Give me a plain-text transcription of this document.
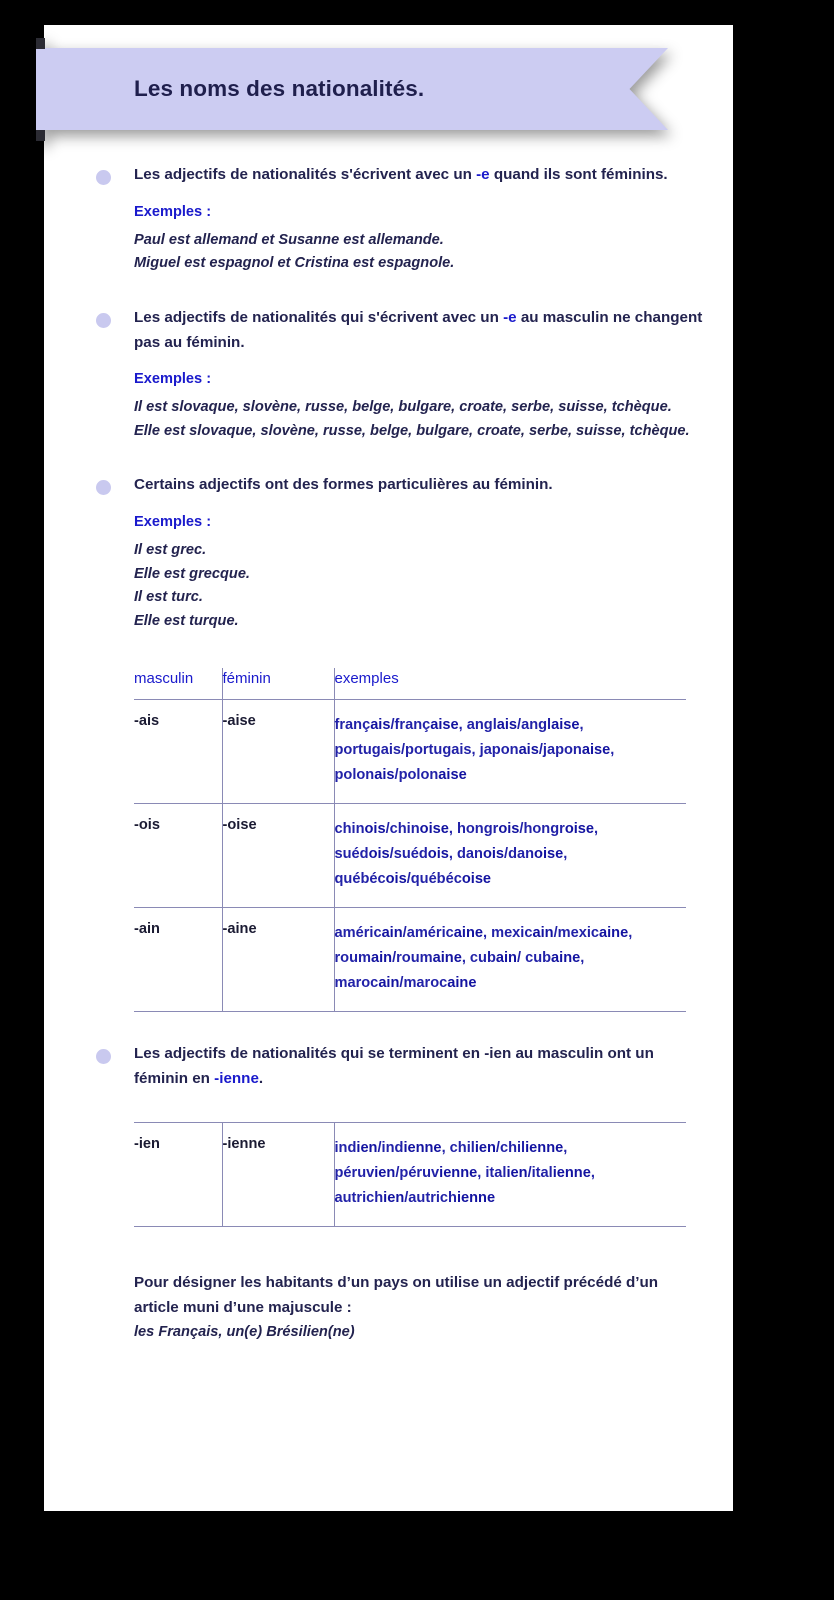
Les noms des nationalités.
Les adjectifs de nationalités s'écrivent avec un -e quand ils sont féminins.
Exemples :
Paul est allemand et Susanne est allemande.
Miguel est espagnol et Cristina est espagnole.
Les adjectifs de nationalités qui s'écrivent avec un -e au masculin ne changent pas au féminin.
Exemples :
Il est slovaque, slovène, russe, belge, bulgare, croate, serbe, suisse, tchèque.
Elle est slovaque, slovène, russe, belge, bulgare, croate, serbe, suisse, tchèque.
Certains adjectifs ont des formes particulières au féminin.
Exemples :
Il est grec.
Elle est grecque.
Il est turc.
Elle est turque.
masculin	féminin	exemples
-ais	-aise	français/française, anglais/anglaise, portugais/portugais, japonais/japonaise, polonais/polonaise
-ois	-oise	chinois/chinoise, hongrois/hongroise, suédois/suédois, danois/danoise, québécois/québécoise
-ain	-aine	américain/américaine, mexicain/mexicaine, roumain/roumaine, cubain/ cubaine, marocain/marocaine
Les adjectifs de nationalités qui se terminent en -ien au masculin ont un féminin en -ienne.
-ien	-ienne	indien/indienne, chilien/chilienne, péruvien/péruvienne, italien/italienne, autrichien/autrichienne
Pour désigner les habitants d’un pays on utilise un adjectif précédé d’un article muni d’une majuscule :
les Français, un(e) Brésilien(ne)
